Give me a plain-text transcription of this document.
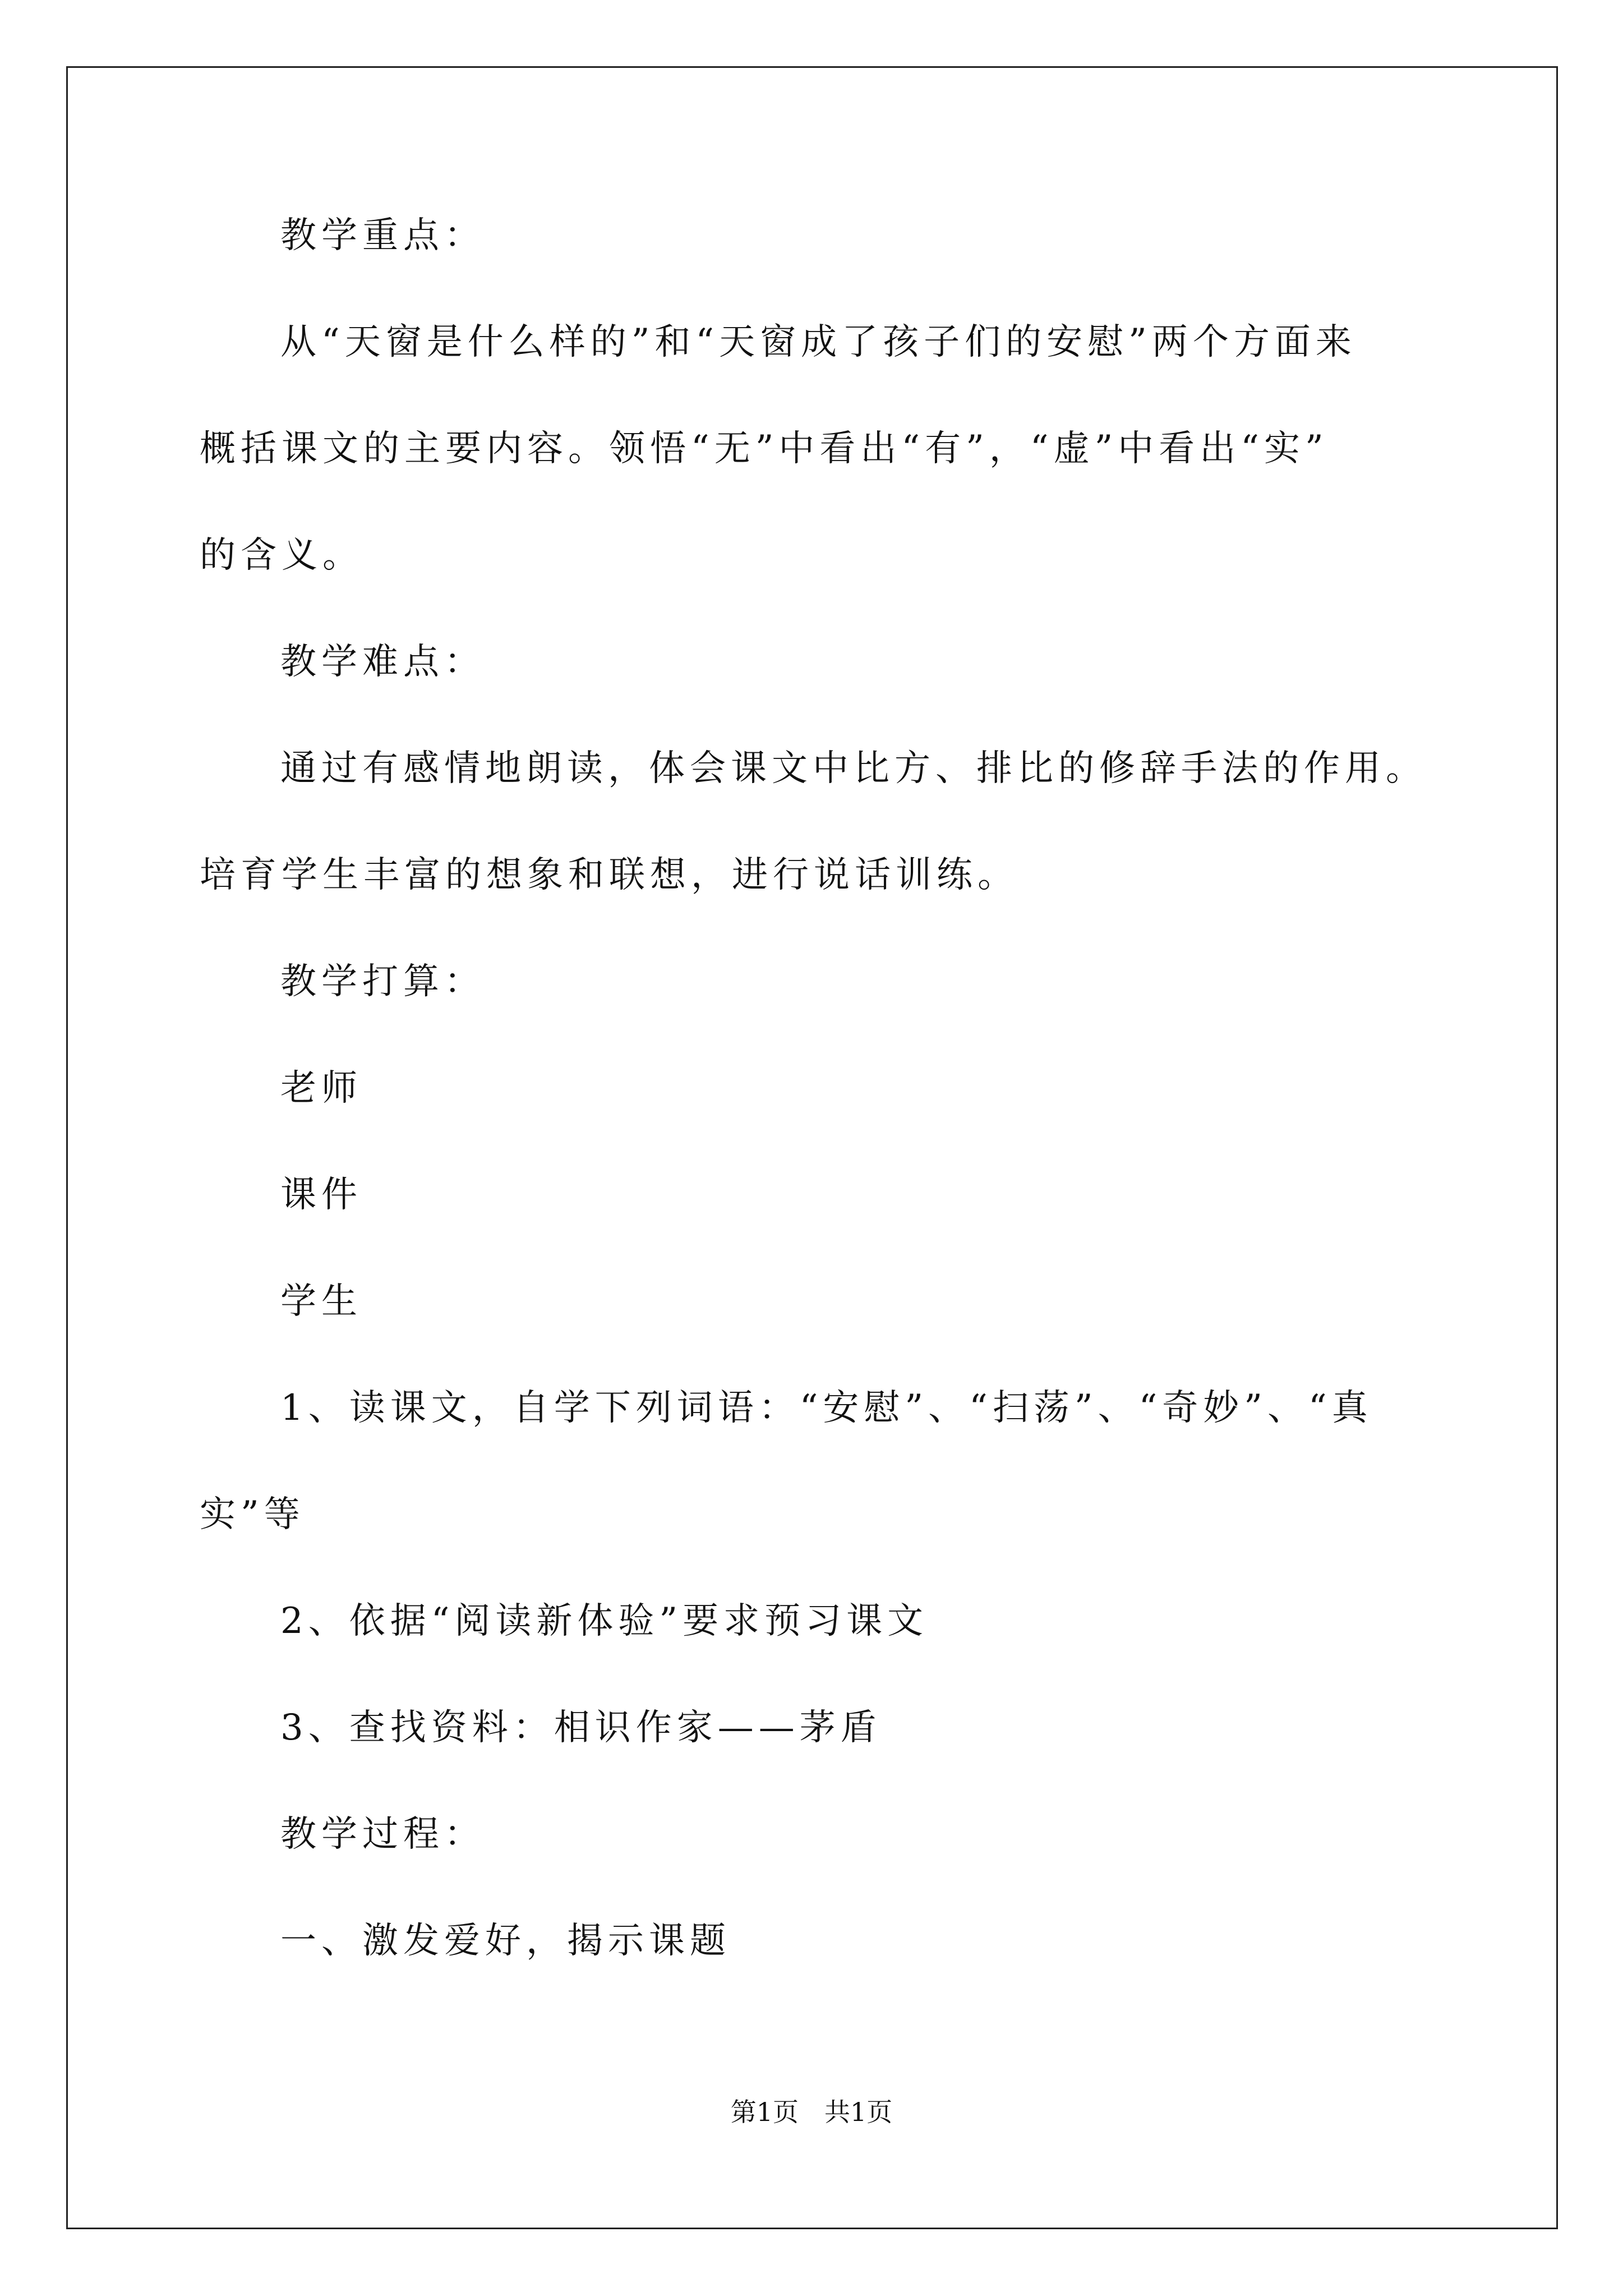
教学重点：
从“天窗是什么样的”和“天窗成了孩子们的安慰”两个方面来
概括课文的主要内容。领悟“无”中看出“有”，“虚”中看出“实”
的含义。
教学难点：
通过有感情地朗读，体会课文中比方、排比的修辞手法的作用。
培育学生丰富的想象和联想，进行说话训练。
教学打算：
老师
课件
学生
1、读课文，自学下列词语：“安慰”、“扫荡”、“奇妙”、“真
实”等
2、依据“阅读新体验”要求预习课文
3、查找资料：相识作家——茅盾
教学过程：
一、激发爱好，揭示课题
第1页　共1页
